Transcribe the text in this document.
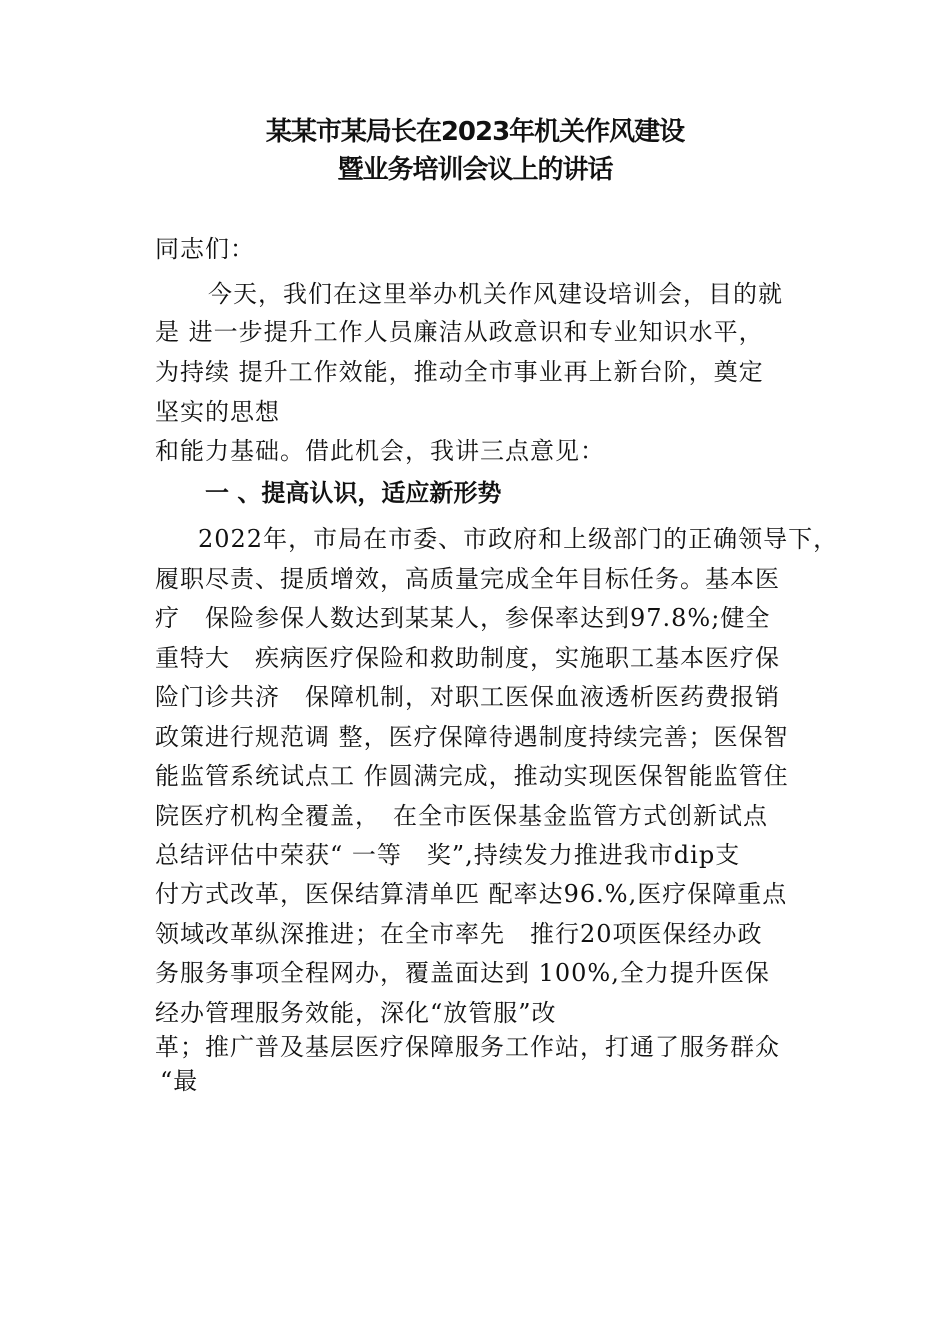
某某市某局长在2023年机关作风建设
暨业务培训会议上的讲话
同志们：
　今天，我们在这里举办机关作风建设培训会，目的就
是 进一步提升工作人员廉洁从政意识和专业知识水平，
为持续 提升工作效能，推动全市事业再上新台阶，奠定
坚实的思想
和能力基础。借此机会，我讲三点意见：
一 、提高认识，适应新形势
　2022年，市局在市委、市政府和上级部门的正确领导下，
履职尽责、提质增效，高质量完成全年目标任务。基本医
疗　保险参保人数达到某某人，参保率达到97.8%;健全
重特大　疾病医疗保险和救助制度，实施职工基本医疗保
险门诊共济　保障机制，对职工医保血液透析医药费报销
政策进行规范调 整，医疗保障待遇制度持续完善；医保智
能监管系统试点工 作圆满完成，推动实现医保智能监管住
院医疗机构全覆盖，　在全市医保基金监管方式创新试点
总结评估中荣获“ 一等　奖”,持续发力推进我市dip支
付方式改革，医保结算清单匹 配率达96.%,医疗保障重点
领域改革纵深推进；在全市率先　推行20项医保经办政
务服务事项全程网办，覆盖面达到 100%,全力提升医保
经办管理服务效能，深化“放管服”改
革；推广普及基层医疗保障服务工作站，打通了服务群众
“最
